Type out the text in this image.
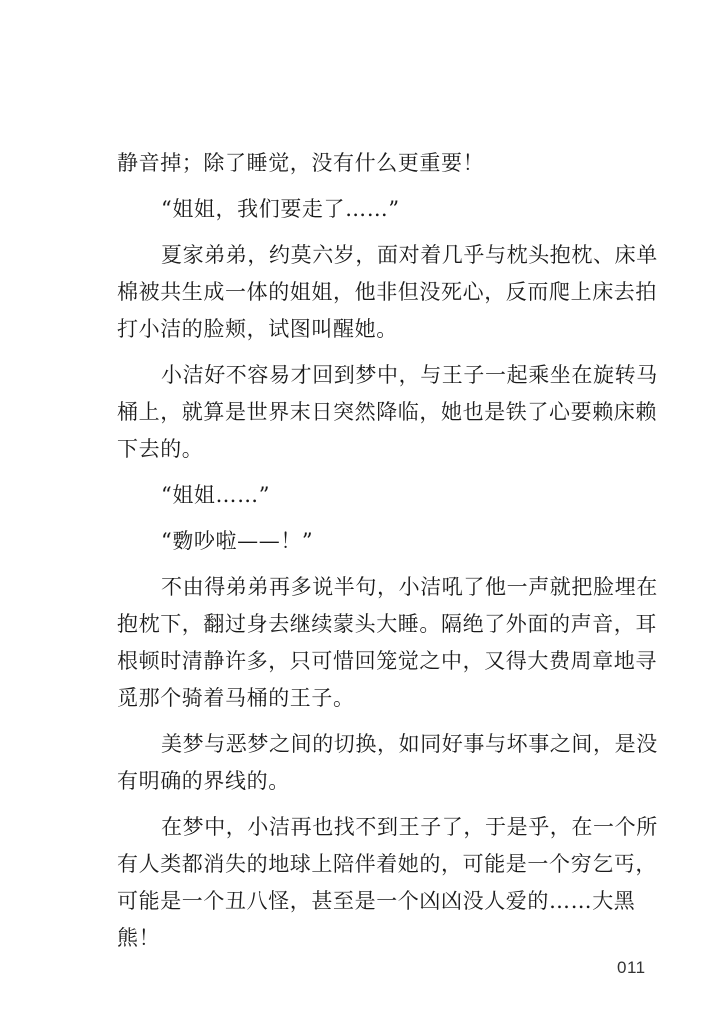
静音掉；除了睡觉，没有什么更重要！
“姐姐，我们要走了……”
夏家弟弟，约莫六岁，面对着几乎与枕头抱枕、床单
棉被共生成一体的姐姐，他非但没死心，反而爬上床去拍
打小洁的脸颊，试图叫醒她。
小洁好不容易才回到梦中，与王子一起乘坐在旋转马
桶上，就算是世界末日突然降临，她也是铁了心要赖床赖
下去的。
“姐姐……”
“覅吵啦——！”
不由得弟弟再多说半句，小洁吼了他一声就把脸埋在
抱枕下，翻过身去继续蒙头大睡。隔绝了外面的声音，耳
根顿时清静许多，只可惜回笼觉之中，又得大费周章地寻
觅那个骑着马桶的王子。
美梦与恶梦之间的切换，如同好事与坏事之间，是没
有明确的界线的。
在梦中，小洁再也找不到王子了，于是乎，在一个所
有人类都消失的地球上陪伴着她的，可能是一个穷乞丐，
可能是一个丑八怪，甚至是一个凶凶没人爱的……大黑
熊！
011
